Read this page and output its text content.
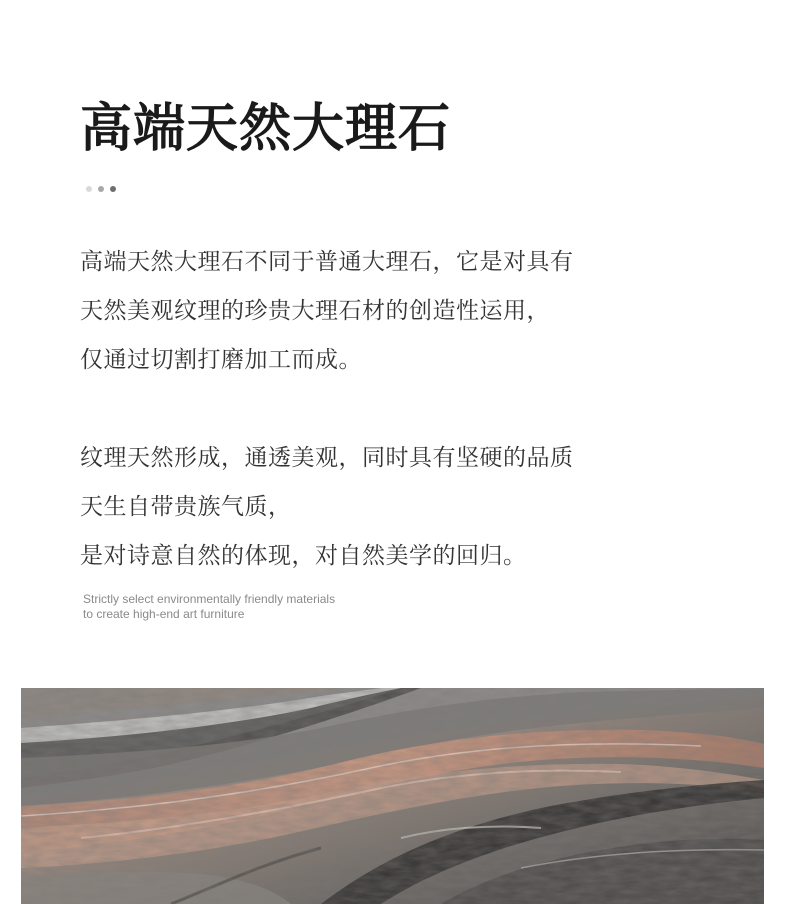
高端天然大理石
高端天然大理石不同于普通大理石，它是对具有
天然美观纹理的珍贵大理石材的创造性运用，
仅通过切割打磨加工而成。
纹理天然形成，通透美观，同时具有坚硬的品质
天生自带贵族气质，
是对诗意自然的体现，对自然美学的回归。
Strictly select environmentally friendly materials
to create high-end art furniture
